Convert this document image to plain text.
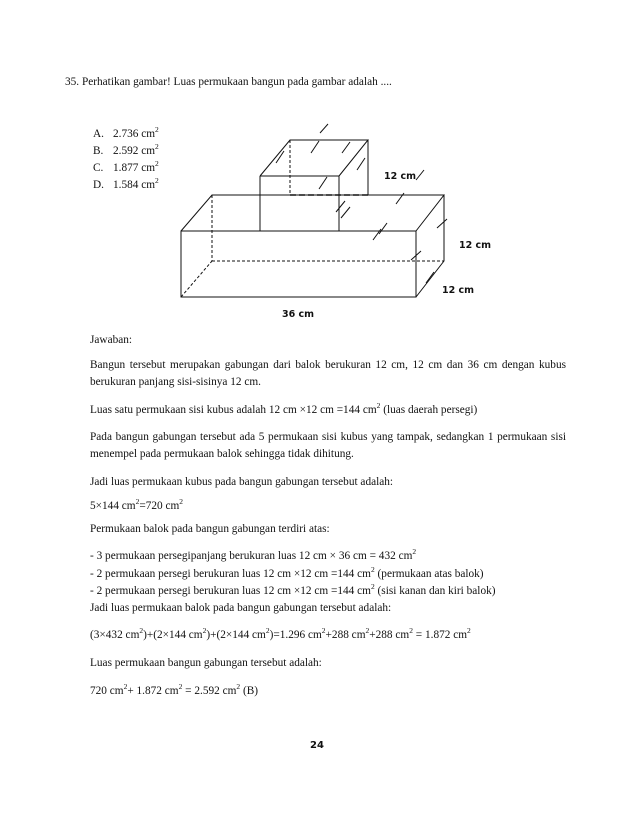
35. Perhatikan gambar! Luas permukaan bangun pada gambar adalah ....
A. 2.736 $cm^2$
B. 2.592 $cm^2$
C. 1.877 $cm^2$
D. 1.584 $cm^2$	12 cm
12 cm
12 cm
36 cm
Jawaban:
Bangun tersebut merupakan gabungan dari balok berukuran 12 cm, 12 cm dan 36 cm dengan kubus berukuran panjang sisi-sisinya 12 cm.
Luas satu permukaan sisi kubus adalah 12 cm ×12 cm =144 $cm^2$ (luas daerah persegi)
Pada bangun gabungan tersebut ada 5 permukaan sisi kubus yang tampak, sedangkan 1 permukaan sisi menempel pada permukaan balok sehingga tidak dihitung.
Jadi luas permukaan kubus pada bangun gabungan tersebut adalah:
5×144 $cm^2=720$ $cm^2$
Permukaan balok pada bangun gabungan terdiri atas:
- 3 permukaan persegipanjang berukuran luas 12 cm × 36 cm = 432 $cm^2$
- 2 permukaan persegi berukuran luas 12 cm ×12 cm =144 $cm^2$ (permukaan atas balok)
- 2 permukaan persegi berukuran luas 12 cm ×12 cm =144 $cm^2$ (sisi kanan dan kiri balok)
Jadi luas permukaan balok pada bangun gabungan tersebut adalah:
(3×432 $cm^2)+(2\times 144$ $cm^2)+(2\times 144$ $cm^2)=1.296$ $cm^2+288$ $cm^2+288$ $cm^2 = 1.872$ $cm^2$
Luas permukaan bangun gabungan tersebut adalah:
720 $cm^2+ 1.872$ $cm^2 = 2.592$ $cm^2$ (B)
24
